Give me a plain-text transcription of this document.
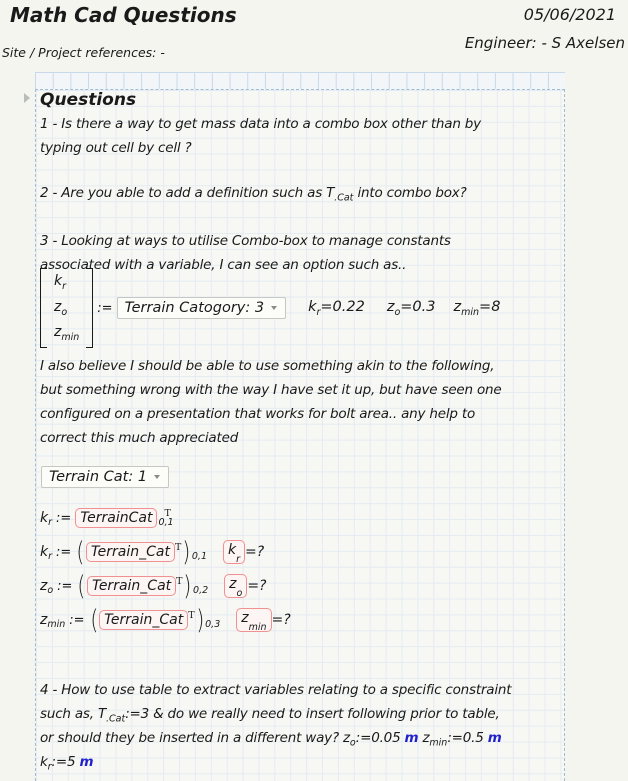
Math Cad Questions	05/06/2021
Engineer: - S Axelsen
Site / Project references: -
Questions
1 - Is there a way to get mass data into a combo box other than by
typing out cell by cell ?
2 - Are you able to add a definition such as $T_{.Cat}$ into combo box?
3 - Looking at ways to utilise Combo-box to manage constants
associated with a variable, I can see an option such as..
$k_r$
$z_o$
$z_{min}$
:= Terrain Catogory: 3	$k_r=0.22$ $z_o=0.3$ $z_{min}=8$
I also believe I should be able to use something akin to the following,
but something wrong with the way I have set it up, but have seen one
configured on a presentation that works for bolt area.. any help to
correct this much appreciated
Terrain Cat: 1
$k_r$ := TerrainCat	T
0,1
$k_r$ := ( Terrain_Cat $^T$ )$_{0,1}$	$k_r$ =?
$z_o$ := ( Terrain_Cat $^T$ )$_{0,2}$	$z_o$ =?
$z_{min}$ := ( Terrain_Cat $^T$ )$_{0,3}$	$z_{min}$ =?
4 - How to use table to extract variables relating to a specific constraint
such as, $T_{.Cat}:=3$ & do we really need to insert following prior to table,
or should they be inserted in a different way? $z_o:=0.05$ m $z_{min}:=0.5$ m
$k_r:=5$ m
